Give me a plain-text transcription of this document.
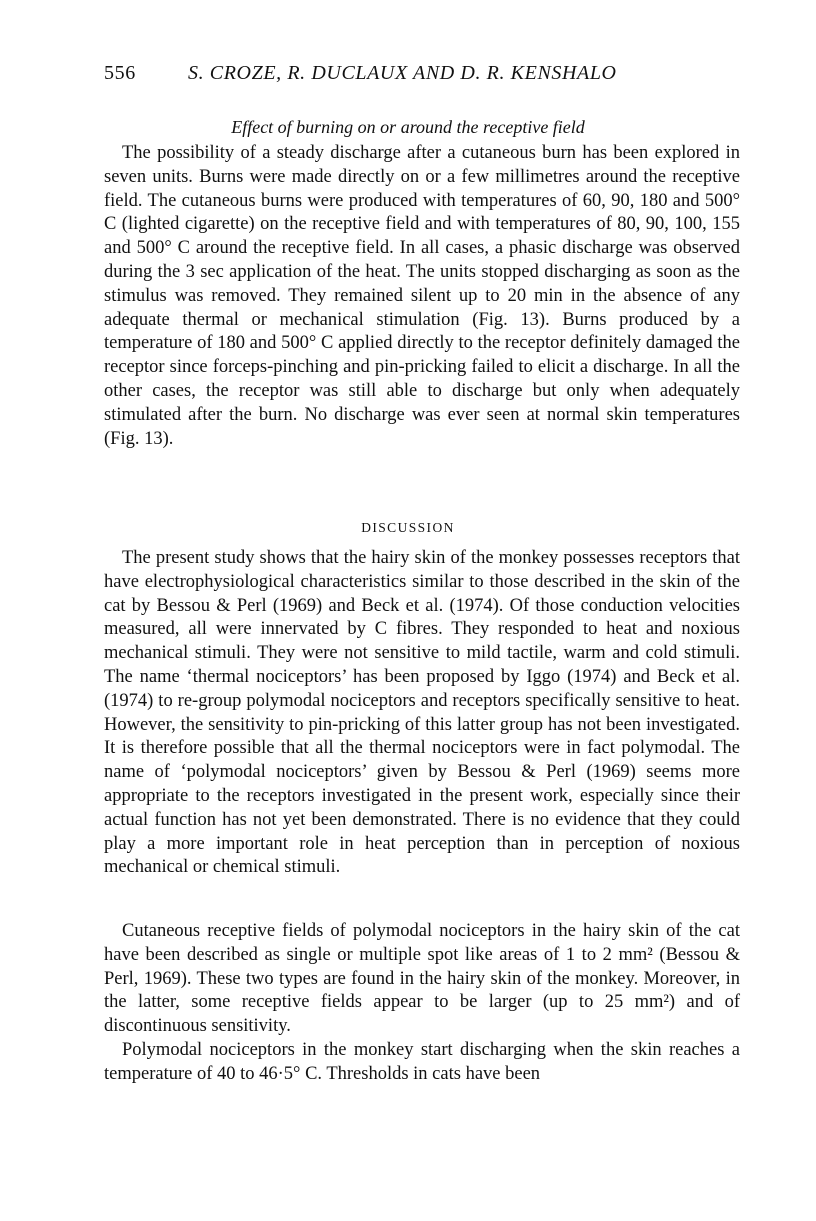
556	S. CROZE, R. DUCLAUX AND D. R. KENSHALO
Effect of burning on or around the receptive field
The possibility of a steady discharge after a cutaneous burn has been explored in seven units. Burns were made directly on or a few millimetres around the receptive field. The cutaneous burns were produced with temperatures of 60, 90, 180 and 500° C (lighted cigarette) on the receptive field and with temperatures of 80, 90, 100, 155 and 500° C around the receptive field. In all cases, a phasic discharge was observed during the 3 sec application of the heat. The units stopped discharging as soon as the stimulus was removed. They remained silent up to 20 min in the absence of any adequate thermal or mechanical stimulation (Fig. 13). Burns produced by a temperature of 180 and 500° C applied directly to the receptor definitely damaged the receptor since forceps-pinching and pin-pricking failed to elicit a discharge. In all the other cases, the receptor was still able to discharge but only when adequately stimulated after the burn. No discharge was ever seen at normal skin temperatures (Fig. 13).
DISCUSSION
The present study shows that the hairy skin of the monkey possesses receptors that have electrophysiological characteristics similar to those described in the skin of the cat by Bessou & Perl (1969) and Beck et al. (1974). Of those conduction velocities measured, all were innervated by C fibres. They responded to heat and noxious mechanical stimuli. They were not sensitive to mild tactile, warm and cold stimuli. The name ‘thermal nociceptors’ has been proposed by Iggo (1974) and Beck et al. (1974) to re-group polymodal nociceptors and receptors specifically sensitive to heat. However, the sensitivity to pin-pricking of this latter group has not been investigated. It is therefore possible that all the thermal nociceptors were in fact polymodal. The name of ‘polymodal nociceptors’ given by Bessou & Perl (1969) seems more appropriate to the receptors investigated in the present work, especially since their actual function has not yet been demonstrated. There is no evidence that they could play a more important role in heat perception than in perception of noxious mechanical or chemical stimuli.
Cutaneous receptive fields of polymodal nociceptors in the hairy skin of the cat have been described as single or multiple spot like areas of 1 to 2 mm² (Bessou & Perl, 1969). These two types are found in the hairy skin of the monkey. Moreover, in the latter, some receptive fields appear to be larger (up to 25 mm²) and of discontinuous sensitivity.
Polymodal nociceptors in the monkey start discharging when the skin reaches a temperature of 40 to 46·5° C. Thresholds in cats have been
